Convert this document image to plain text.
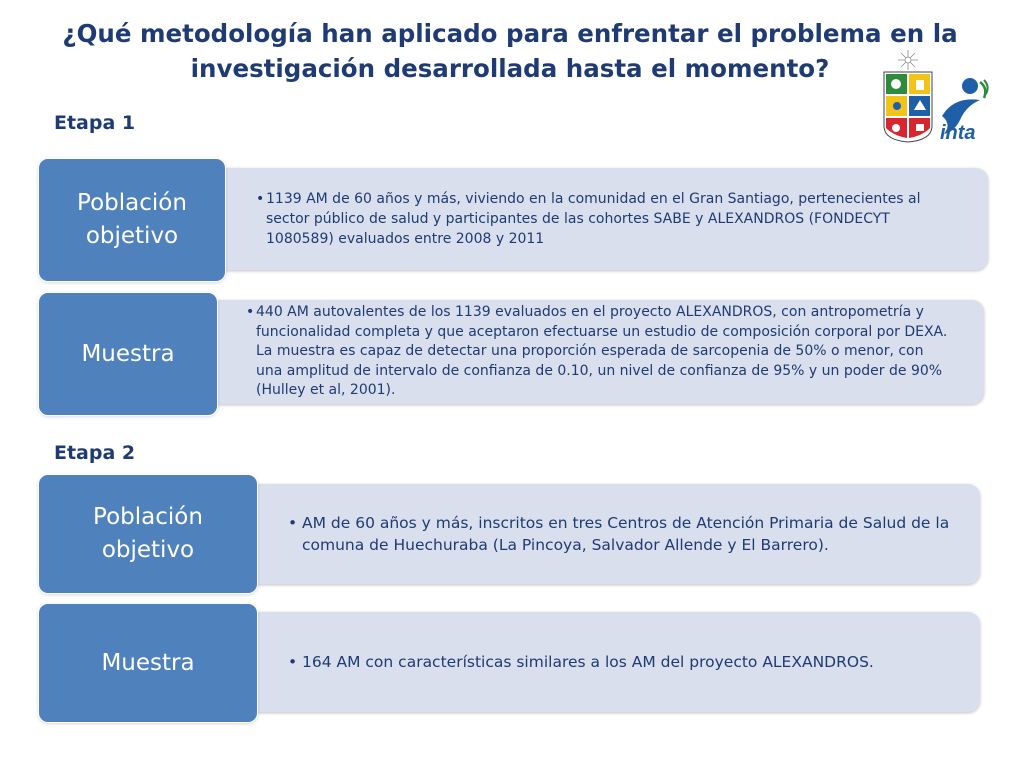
¿Qué metodología han aplicado para enfrentar el problema en la
investigación desarrollada hasta el momento?
inta
Etapa 1
Población
objetivo
• 1139 AM de 60 años y más, viviendo en la comunidad en el Gran Santiago, pertenecientes al sector público de salud y participantes de las cohortes SABE y ALEXANDROS (FONDECYT 1080589) evaluados entre 2008 y 2011
Muestra
• 440 AM autovalentes de los 1139 evaluados en el proyecto ALEXANDROS, con antropometría y funcionalidad completa y que aceptaron efectuarse un estudio de composición corporal por DEXA. La muestra es capaz de detectar una proporción esperada de sarcopenia de 50% o menor, con una amplitud de intervalo de confianza de 0.10, un nivel de confianza de 95% y un poder de 90% (Hulley et al, 2001).
Etapa 2
Población
objetivo
• AM de 60 años y más, inscritos en tres Centros de Atención Primaria de Salud de la comuna de Huechuraba (La Pincoya, Salvador Allende y El Barrero).
Muestra
•	164 AM con características similares a los AM del proyecto ALEXANDROS.
